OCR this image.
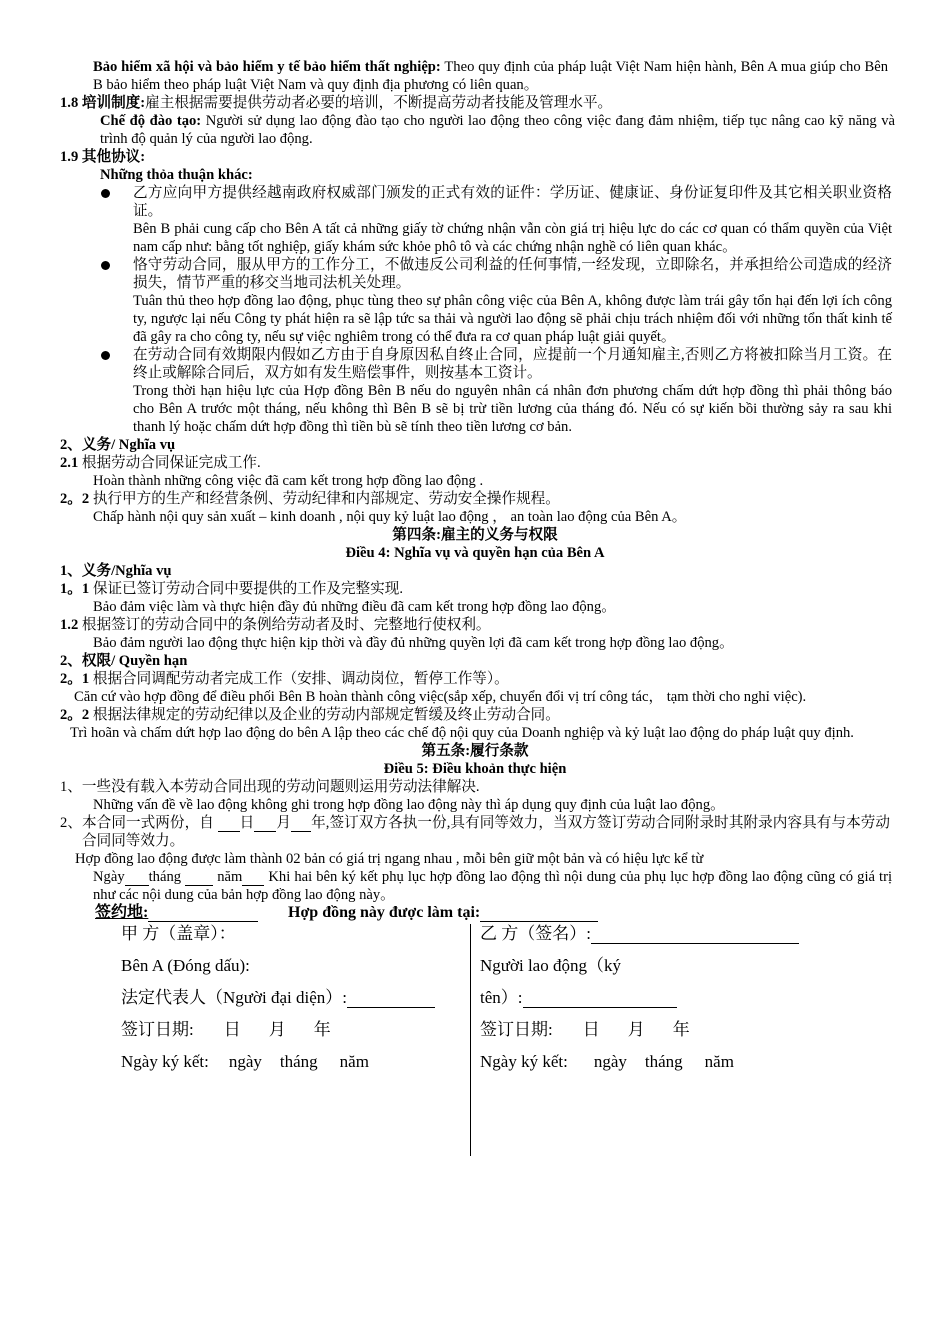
Bảo hiểm xã hội và bảo hiểm y tế bảo hiểm thất nghiệp: Theo quy định của pháp luật Việt Nam hiện hành, Bên A mua giúp cho Bên B bảo hiểm theo pháp luật Việt Nam và quy định địa phương có liên quan。

1.8 培训制度:雇主根据需要提供劳动者必要的培训，不断提高劳动者技能及管理水平。

Chế độ đào tạo: Người sử dụng lao động đào tạo cho người lao động theo công việc đang đảm nhiệm, tiếp tục nâng cao kỹ năng và trình độ quản lý của người lao động.

1.9 其他协议:

Những thỏa thuận khác:

乙方应向甲方提供经越南政府权威部门颁发的正式有效的证件：学历证、健康证、身份证复印件及其它相关职业资格证。

Bên B phải cung cấp cho Bên A tất cả những giấy tờ chứng nhận vẫn còn giá trị hiệu lực do các cơ quan có thẩm quyền của Việt nam cấp như: bằng tốt nghiệp, giấy khám sức khỏe phô tô và các chứng nhận nghề có liên quan khác。

恪守劳动合同，服从甲方的工作分工，不做违反公司利益的任何事情,一经发现，立即除名，并承担给公司造成的经济损失，情节严重的移交当地司法机关处理。

Tuân thủ theo hợp đồng lao động, phục tùng theo sự phân công việc của Bên A, không được làm trái gây tổn hại đến lợi ích công ty, ngược lại nếu Công ty phát hiện ra sẽ lập tức sa thải và người lao động sẽ phải chịu trách nhiệm đối với những tổn thất kinh tế đã gây ra cho công ty, nếu sự việc nghiêm trong có thể đưa ra cơ quan pháp luật giải quyết。

在劳动合同有效期限内假如乙方由于自身原因私自终止合同，应提前一个月通知雇主,否则乙方将被扣除当月工资。在终止或解除合同后，双方如有发生赔偿事件，则按基本工资计。

Trong thời hạn hiệu lực của Hợp đồng Bên B nếu do nguyên nhân cá nhân đơn phương chấm dứt hợp đồng thì phải thông báo cho Bên A trước một tháng, nếu không thì Bên B sẽ bị trừ tiền lương của tháng đó. Nếu có sự kiến bồi thường sảy ra sau khi thanh lý hoặc chấm dứt hợp đồng thì tiền bù sẽ tính theo tiền lương cơ bản.

2、义务/ Nghĩa vụ

2.1 根据劳动合同保证完成工作.

Hoàn thành những công việc đã cam kết trong hợp đồng lao động .

2。2 执行甲方的生产和经营条例、劳动纪律和内部规定、劳动安全操作规程。

Chấp hành nội quy sản xuất – kinh doanh , nội quy kỷ luật lao động ， an toàn lao động của Bên A。

第四条:雇主的义务与权限

Điều 4: Nghĩa vụ và quyền hạn của Bên A

1、义务/Nghĩa vụ

1。1 保证已签订劳动合同中要提供的工作及完整实现.

Bảo đảm việc làm và thực hiện đầy đủ những điều đã cam kết trong hợp đồng lao động。

1.2 根据签订的劳动合同中的条例给劳动者及时、完整地行使权利。

Bảo đảm người lao động thực hiện kịp thời và đầy đủ những quyền lợi đã cam kết trong hợp đồng lao động。

2、权限/ Quyền hạn

2。1 根据合同调配劳动者完成工作（安排、调动岗位，暂停工作等）。

Căn cứ vào hợp đồng để điều phối Bên B hoàn thành công việc(sắp xếp, chuyển đổi vị trí công tác， tạm thời cho nghỉ việc).

2。2 根据法律规定的劳动纪律以及企业的劳动内部规定暂缓及终止劳动合同。

Trì hoãn và chấm dứt hợp lao động do bên A lập theo các chế độ nội quy của Doanh nghiệp và kỷ luật lao động do pháp luật quy định.

第五条:履行条款

Điều 5: Điều khoản thực hiện

1、一些没有载入本劳动合同出现的劳动问题则运用劳动法律解决.

Những vấn đề về lao động không ghi trong hợp đồng lao động này thì áp dụng quy định của luật lao động。

2、本合同一式两份，自 日 月 年,签订双方各执一份,具有同等效力，当双方签订劳动合同附录时其附录内容具有与本劳动合同同等效力。

Hợp đồng lao động được làm thành 02 bản có giá trị ngang nhau , mỗi bên giữ một bản và có hiệu lực kể từ

Ngày tháng  năm Khi hai bên ký kết phụ lục hợp đồng lao động thì nội dung của phụ lục hợp đồng lao động cũng có giá trị như các nội dung của bản hợp đồng lao động này。

签约地:	Hợp đồng này được làm tại:
甲 方（盖章）：
Bên A (Đóng dấu):
法定代表人（Người đại diện）:
签订日期: 日 月 年
Ngày ký kết: ngày tháng năm
乙 方（签名）:
Người lao động（ký
tên）:
签订日期: 日 月 年
Ngày ký kết: ngày tháng năm
